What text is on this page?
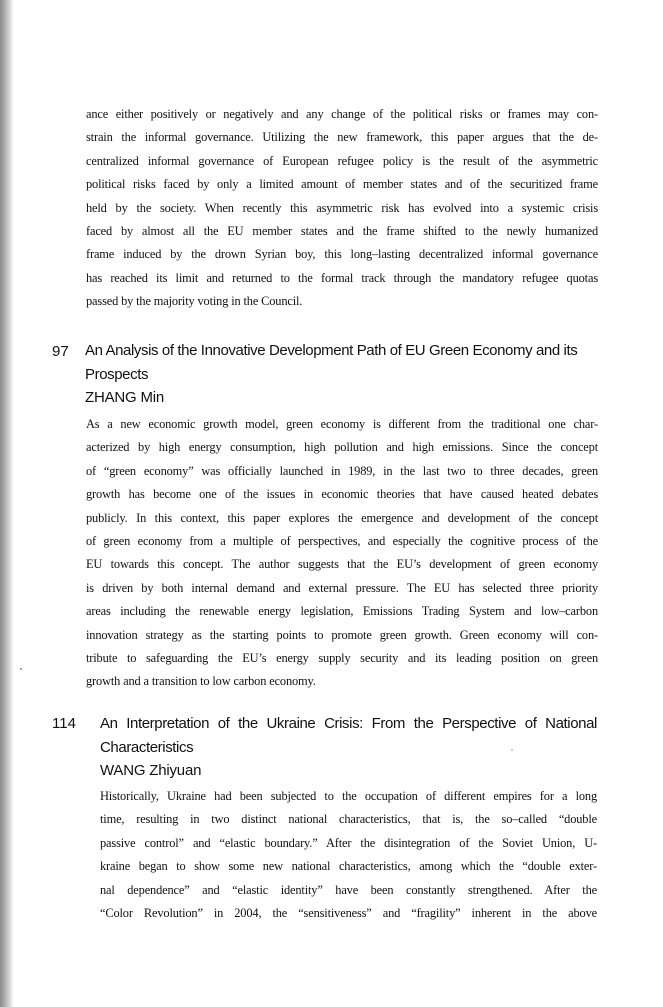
ance either positively or negatively and any change of the political risks or frames may con-
strain the informal governance. Utilizing the new framework, this paper argues that the de-
centralized informal governance of European refugee policy is the result of the asymmetric
political risks faced by only a limited amount of member states and of the securitized frame
held by the society. When recently this asymmetric risk has evolved into a systemic crisis
faced by almost all the EU member states and the frame shifted to the newly humanized
frame induced by the drown Syrian boy, this long–lasting decentralized informal governance
has reached its limit and returned to the formal track through the mandatory refugee quotas
passed by the majority voting in the Council.
97 An Analysis of the Innovative Development Path of EU Green Economy and its
Prospects
ZHANG Min
As a new economic growth model, green economy is different from the traditional one char-
acterized by high energy consumption, high pollution and high emissions. Since the concept
of “green economy” was officially launched in 1989, in the last two to three decades, green
growth has become one of the issues in economic theories that have caused heated debates
publicly. In this context, this paper explores the emergence and development of the concept
of green economy from a multiple of perspectives, and especially the cognitive process of the
EU towards this concept. The author suggests that the EU’s development of green economy
is driven by both internal demand and external pressure. The EU has selected three priority
areas including the renewable energy legislation, Emissions Trading System and low–carbon
innovation strategy as the starting points to promote green growth. Green economy will con-
tribute to safeguarding the EU’s energy supply security and its leading position on green
growth and a transition to low carbon economy.
114 An Interpretation of the Ukraine Crisis: From the Perspective of National
Characteristics
WANG Zhiyuan
Historically, Ukraine had been subjected to the occupation of different empires for a long
time, resulting in two distinct national characteristics, that is, the so–called “double
passive control” and “elastic boundary.” After the disintegration of the Soviet Union, U-
kraine began to show some new national characteristics, among which the “double exter-
nal dependence” and “elastic identity” have been constantly strengthened. After the
“Color Revolution” in 2004, the “sensitiveness” and “fragility” inherent in the above
